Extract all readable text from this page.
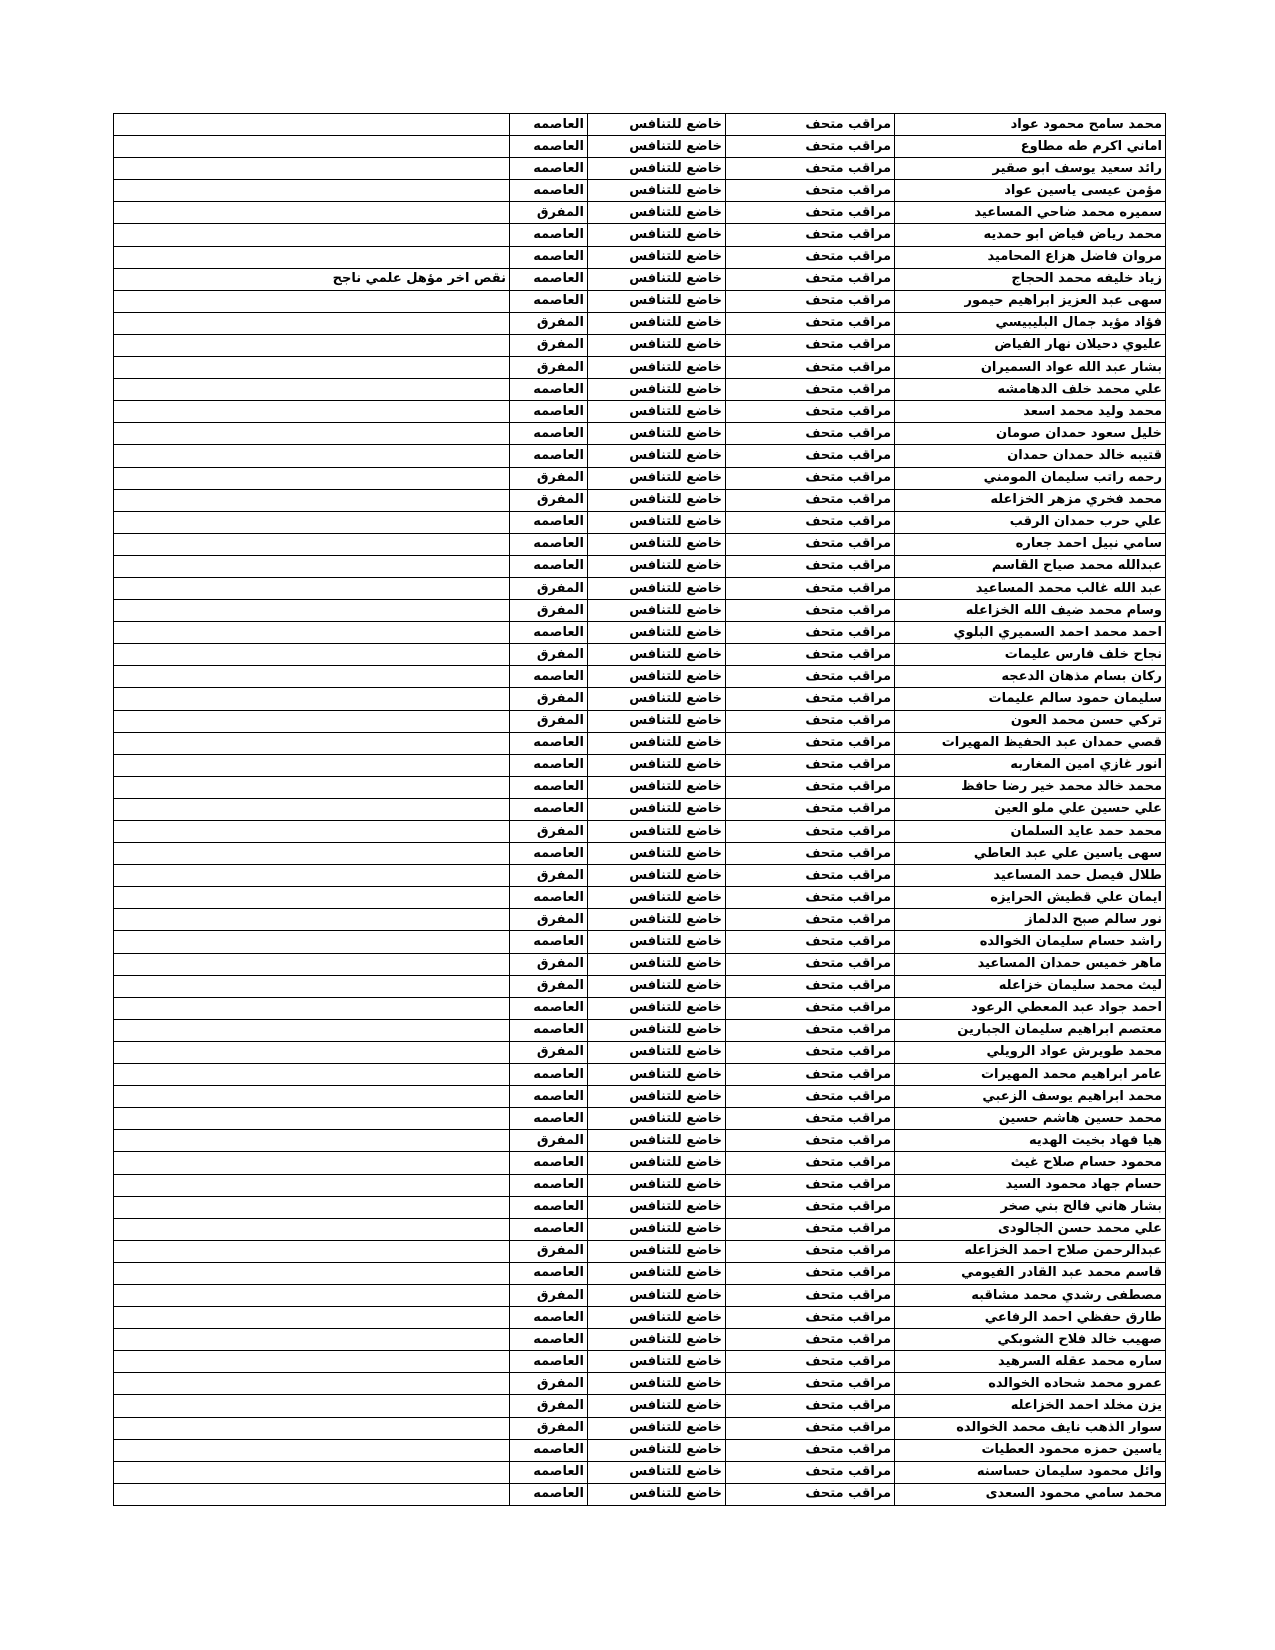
محمد سامح محمود عواد	مراقب متحف	خاضع للتنافس	العاصمه	
اماني اكرم طه مطاوع	مراقب متحف	خاضع للتنافس	العاصمه	
رائد سعيد يوسف ابو صقير	مراقب متحف	خاضع للتنافس	العاصمه	
مؤمن عيسى ياسين عواد	مراقب متحف	خاضع للتنافس	العاصمه	
سميره محمد ضاحي المساعيد	مراقب متحف	خاضع للتنافس	المفرق	
محمد رياض فياض ابو حمديه	مراقب متحف	خاضع للتنافس	العاصمه	
مروان فاضل هزاع المحاميد	مراقب متحف	خاضع للتنافس	العاصمه	
زياد خليفه محمد الحجاج	مراقب متحف	خاضع للتنافس	العاصمه	نقص اخر مؤهل علمي ناجح
سهى عبد العزيز ابراهيم حيمور	مراقب متحف	خاضع للتنافس	العاصمه	
فؤاد مؤيد جمال البليبيسي	مراقب متحف	خاضع للتنافس	المفرق	
عليوي دحيلان نهار الفياض	مراقب متحف	خاضع للتنافس	المفرق	
بشار عبد الله عواد السميران	مراقب متحف	خاضع للتنافس	المفرق	
علي محمد خلف الدهامشه	مراقب متحف	خاضع للتنافس	العاصمه	
محمد وليد محمد اسعد	مراقب متحف	خاضع للتنافس	العاصمه	
خليل سعود حمدان صومان	مراقب متحف	خاضع للتنافس	العاصمه	
قتيبه خالد حمدان حمدان	مراقب متحف	خاضع للتنافس	العاصمه	
رحمه راتب سليمان المومني	مراقب متحف	خاضع للتنافس	المفرق	
محمد فخري مزهر الخزاعله	مراقب متحف	خاضع للتنافس	المفرق	
علي حرب حمدان الرقب	مراقب متحف	خاضع للتنافس	العاصمه	
سامي نبيل احمد جعاره	مراقب متحف	خاضع للتنافس	العاصمه	
عبدالله محمد صياح القاسم	مراقب متحف	خاضع للتنافس	العاصمه	
عبد الله غالب محمد المساعيد	مراقب متحف	خاضع للتنافس	المفرق	
وسام محمد ضيف الله الخزاعله	مراقب متحف	خاضع للتنافس	المفرق	
احمد محمد احمد السميري البلوي	مراقب متحف	خاضع للتنافس	العاصمه	
نجاح خلف فارس عليمات	مراقب متحف	خاضع للتنافس	المفرق	
ركان بسام مذهان الدعجه	مراقب متحف	خاضع للتنافس	العاصمه	
سليمان حمود سالم عليمات	مراقب متحف	خاضع للتنافس	المفرق	
تركي حسن محمد العون	مراقب متحف	خاضع للتنافس	المفرق	
قصي حمدان عبد الحفيظ المهيرات	مراقب متحف	خاضع للتنافس	العاصمه	
انور غازي امين المغاربه	مراقب متحف	خاضع للتنافس	العاصمه	
محمد خالد محمد خير رضا حافظ	مراقب متحف	خاضع للتنافس	العاصمه	
علي حسين علي ملو العين	مراقب متحف	خاضع للتنافس	العاصمه	
محمد حمد عايد السلمان	مراقب متحف	خاضع للتنافس	المفرق	
سهى ياسين علي عبد العاطي	مراقب متحف	خاضع للتنافس	العاصمه	
طلال فيصل حمد المساعيد	مراقب متحف	خاضع للتنافس	المفرق	
ايمان علي قطيش الحرايزه	مراقب متحف	خاضع للتنافس	العاصمه	
نور سالم صبح الدلماز	مراقب متحف	خاضع للتنافس	المفرق	
راشد حسام سليمان الخوالده	مراقب متحف	خاضع للتنافس	العاصمه	
ماهر خميس حمدان المساعيد	مراقب متحف	خاضع للتنافس	المفرق	
ليث محمد سليمان خزاعله	مراقب متحف	خاضع للتنافس	المفرق	
احمد جواد عبد المعطي الرعود	مراقب متحف	خاضع للتنافس	العاصمه	
معتصم ابراهيم سليمان الجبارين	مراقب متحف	خاضع للتنافس	العاصمه	
محمد طويرش عواد الرويلي	مراقب متحف	خاضع للتنافس	المفرق	
عامر ابراهيم محمد المهيرات	مراقب متحف	خاضع للتنافس	العاصمه	
محمد ابراهيم يوسف الزعبي	مراقب متحف	خاضع للتنافس	العاصمه	
محمد حسين هاشم حسين	مراقب متحف	خاضع للتنافس	العاصمه	
هيا فهاد بخيت الهديه	مراقب متحف	خاضع للتنافس	المفرق	
محمود حسام صلاح غيث	مراقب متحف	خاضع للتنافس	العاصمه	
حسام جهاد محمود السيد	مراقب متحف	خاضع للتنافس	العاصمه	
بشار هاني فالح بني صخر	مراقب متحف	خاضع للتنافس	العاصمه	
علي محمد حسن الجالودى	مراقب متحف	خاضع للتنافس	العاصمه	
عبدالرحمن صلاح احمد الخزاعله	مراقب متحف	خاضع للتنافس	المفرق	
قاسم محمد عبد القادر الفيومي	مراقب متحف	خاضع للتنافس	العاصمه	
مصطفى رشدي محمد مشاقبه	مراقب متحف	خاضع للتنافس	المفرق	
طارق حفظي احمد الرفاعي	مراقب متحف	خاضع للتنافس	العاصمه	
صهيب خالد فلاح الشوبكي	مراقب متحف	خاضع للتنافس	العاصمه	
ساره محمد عقله السرهيد	مراقب متحف	خاضع للتنافس	العاصمه	
عمرو محمد شحاده الخوالده	مراقب متحف	خاضع للتنافس	المفرق	
يزن مخلد احمد الخزاعله	مراقب متحف	خاضع للتنافس	المفرق	
سوار الذهب نايف محمد الخوالده	مراقب متحف	خاضع للتنافس	المفرق	
ياسين حمزه محمود العطيات	مراقب متحف	خاضع للتنافس	العاصمه	
وائل محمود سليمان حساسنه	مراقب متحف	خاضع للتنافس	العاصمه	
محمد سامي محمود السعدى	مراقب متحف	خاضع للتنافس	العاصمه	
